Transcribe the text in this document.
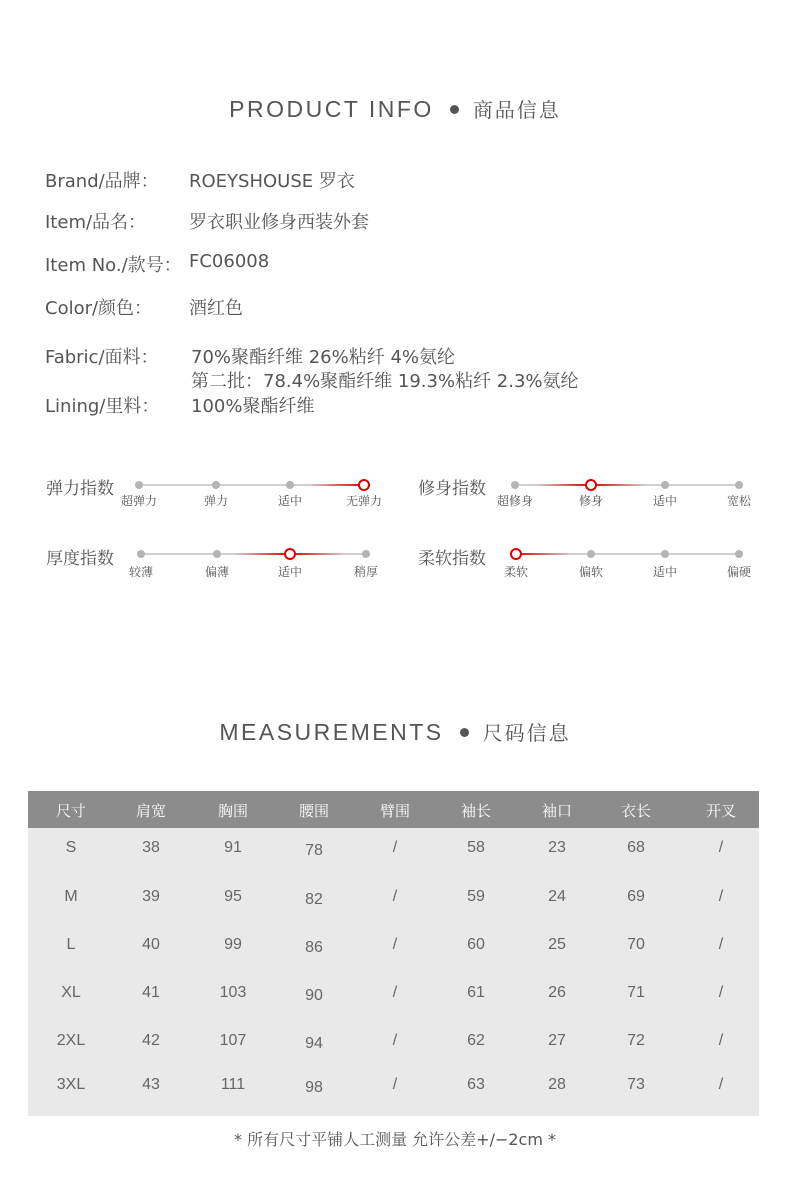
PRODUCT INFO 商品信息
Brand/品牌： ROEYSHOUSE 罗衣
Item/品名： 罗衣职业修身西装外套
Item No./款号： FC06008
Color/颜色： 酒红色
Fabric/面料： 70%聚酯纤维 26%粘纤 4%氨纶
第二批：78.4%聚酯纤维 19.3%粘纤 2.3%氨纶
Lining/里料： 100%聚酯纤维
弹力指数
超弹力	弹力	适中	无弹力
修身指数
超修身	修身	适中	宽松
厚度指数
较薄	偏薄	适中	稍厚
柔软指数
柔软	偏软	适中	偏硬
MEASUREMENTS 尺码信息
尺寸	肩宽	胸围	腰围	臂围	袖长	袖口	衣长	开叉
S	38	91	78	/	58	23	68	/
M	39	95	82	/	59	24	69	/
L	40	99	86	/	60	25	70	/
XL	41	103	90	/	61	26	71	/
2XL	42	107	94	/	62	27	72	/
3XL	43	111	98	/	63	28	73	/
* 所有尺寸平铺人工测量 允许公差+/−2cm *
